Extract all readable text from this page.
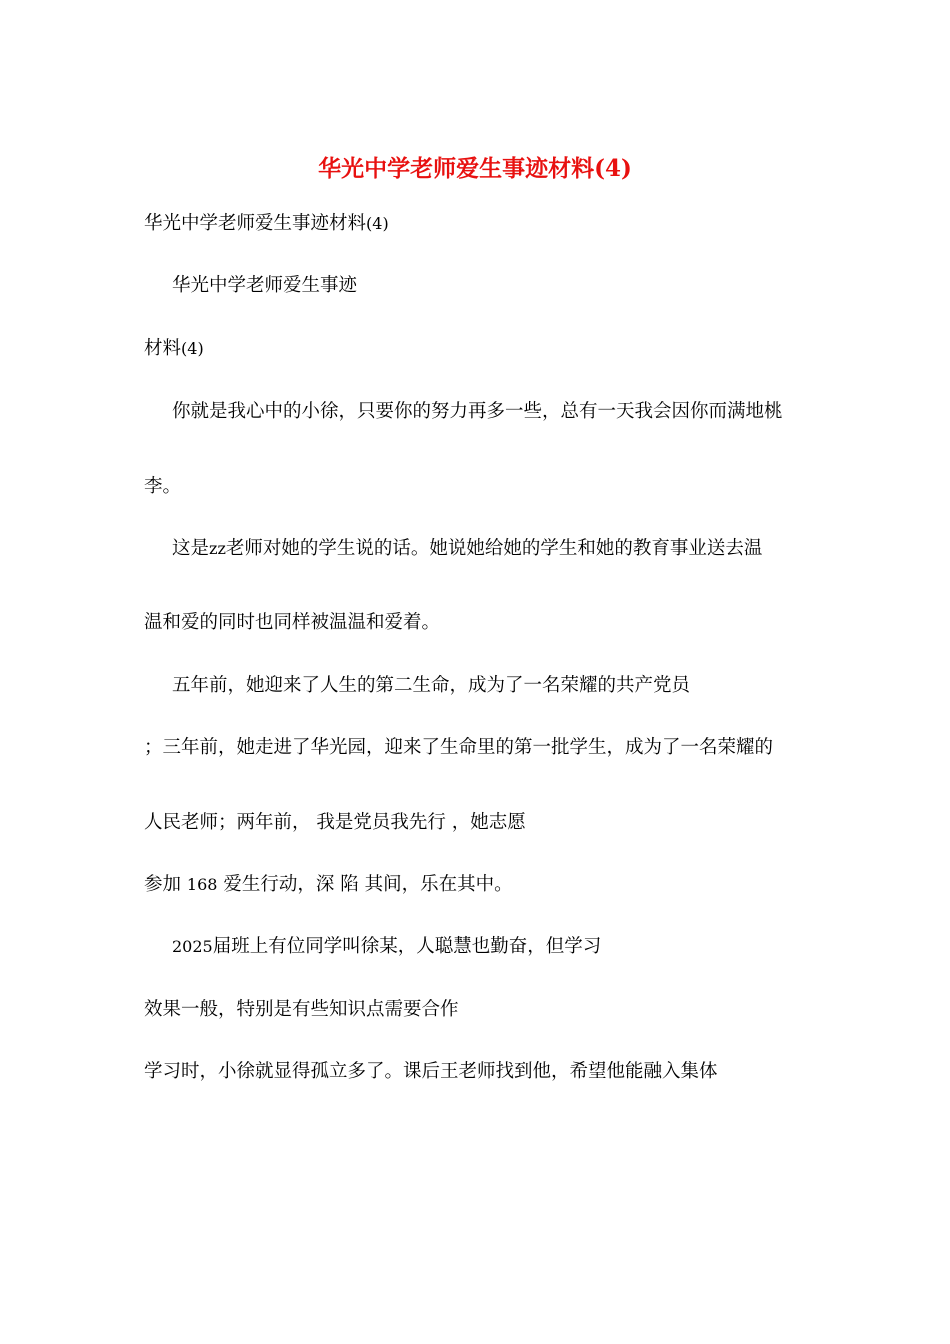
华光中学老师爱生事迹材料(4)
华光中学老师爱生事迹材料(4)
华光中学老师爱生事迹
材料(4)
你就是我心中的小徐，只要你的努力再多一些，总有一天我会因你而满地桃
李。
这是zz老师对她的学生说的话。她说她给她的学生和她的教育事业送去温
温和爱的同时也同样被温温和爱着。
五年前，她迎来了人生的第二生命，成为了一名荣耀的共产党员
；三年前，她走进了华光园，迎来了生命里的第一批学生，成为了一名荣耀的
人民老师；两年前， 我是党员我先行 ，她志愿
参加 168 爱生行动，深 陷 其间，乐在其中。
2025届班上有位同学叫徐某，人聪慧也勤奋，但学习
效果一般，特别是有些知识点需要合作
学习时，小徐就显得孤立多了。课后王老师找到他，希望他能融入集体
